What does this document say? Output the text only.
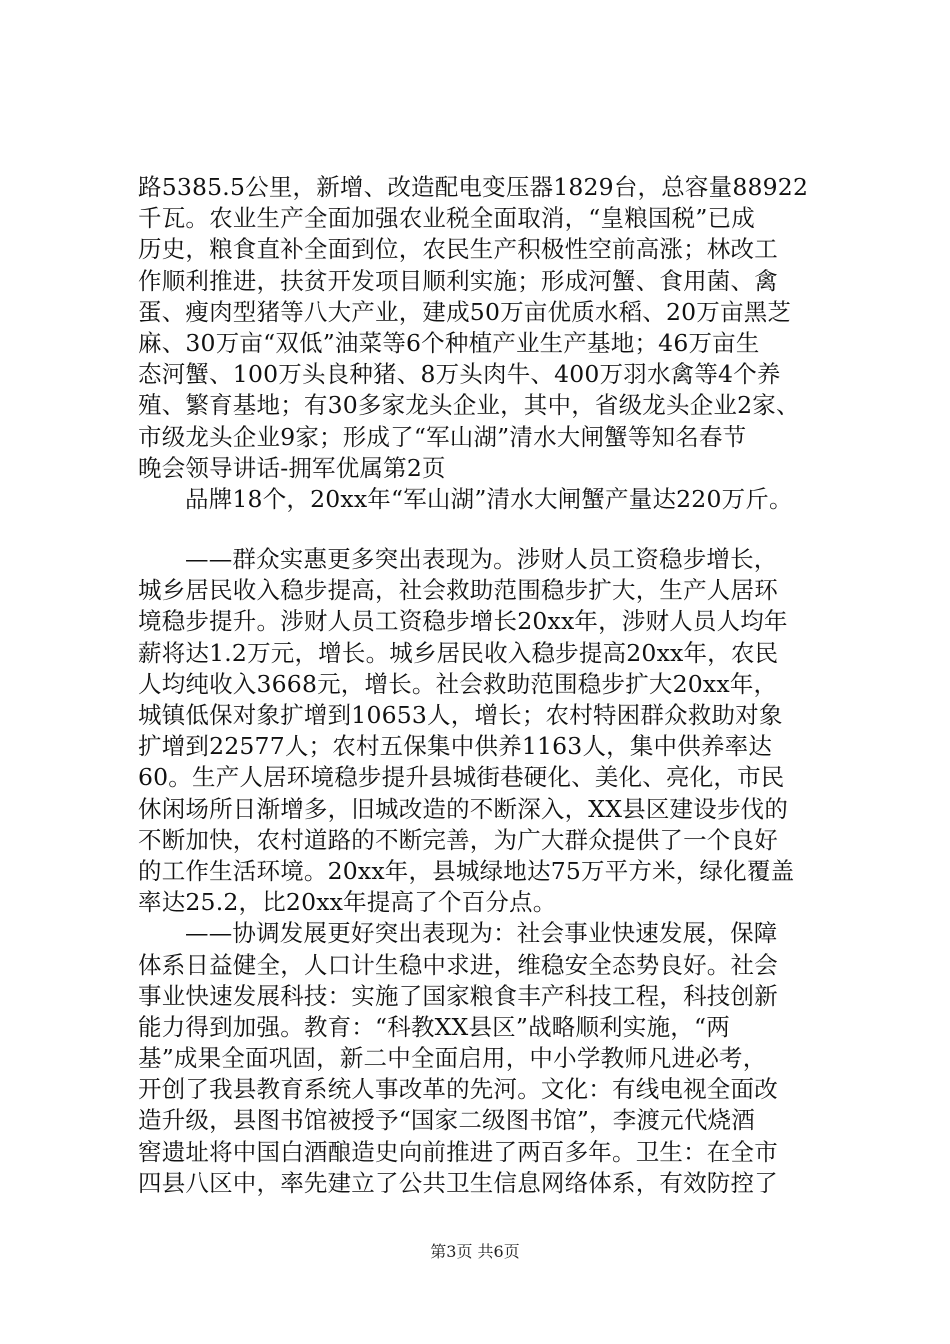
路5385.5公里，新增、改造配电变压器1829台，总容量88922
千瓦。农业生产全面加强农业税全面取消，“皇粮国税”已成
历史，粮食直补全面到位，农民生产积极性空前高涨；林改工
作顺利推进，扶贫开发项目顺利实施；形成河蟹、食用菌、禽
蛋、瘦肉型猪等八大产业，建成50万亩优质水稻、20万亩黑芝
麻、30万亩“双低”油菜等6个种植产业生产基地；46万亩生
态河蟹、100万头良种猪、8万头肉牛、400万羽水禽等4个养
殖、繁育基地；有30多家龙头企业，其中，省级龙头企业2家、
市级龙头企业9家；形成了“军山湖”清水大闸蟹等知名春节
晚会领导讲话-拥军优属第2页
品牌18个，20xx年“军山湖”清水大闸蟹产量达220万斤。
——群众实惠更多突出表现为。涉财人员工资稳步增长，
城乡居民收入稳步提高，社会救助范围稳步扩大，生产人居环
境稳步提升。涉财人员工资稳步增长20xx年，涉财人员人均年
薪将达1.2万元，增长。城乡居民收入稳步提高20xx年，农民
人均纯收入3668元，增长。社会救助范围稳步扩大20xx年，
城镇低保对象扩增到10653人，增长；农村特困群众救助对象
扩增到22577人；农村五保集中供养1163人，集中供养率达
60。生产人居环境稳步提升县城街巷硬化、美化、亮化，市民
休闲场所日渐增多，旧城改造的不断深入，XX县区建设步伐的
不断加快，农村道路的不断完善，为广大群众提供了一个良好
的工作生活环境。20xx年，县城绿地达75万平方米，绿化覆盖
率达25.2，比20xx年提高了个百分点。
——协调发展更好突出表现为：社会事业快速发展，保障
体系日益健全，人口计生稳中求进，维稳安全态势良好。社会
事业快速发展科技：实施了国家粮食丰产科技工程，科技创新
能力得到加强。教育：“科教XX县区”战略顺利实施，“两
基”成果全面巩固，新二中全面启用，中小学教师凡进必考，
开创了我县教育系统人事改革的先河。文化：有线电视全面改
造升级，县图书馆被授予“国家二级图书馆”，李渡元代烧酒
窖遗址将中国白酒酿造史向前推进了两百多年。卫生：在全市
四县八区中，率先建立了公共卫生信息网络体系，有效防控了
第3页 共6页
